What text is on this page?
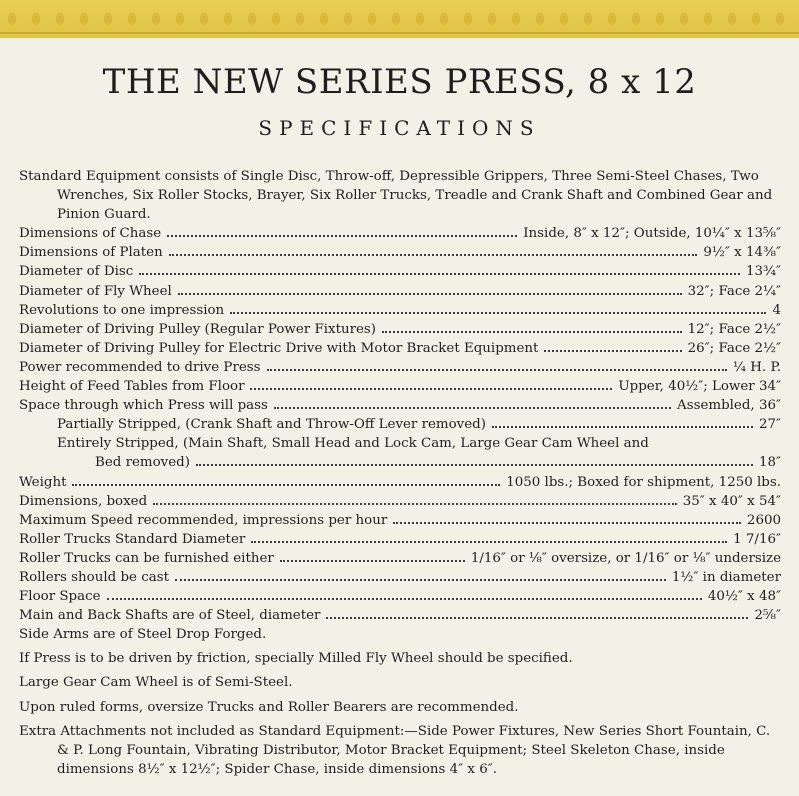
THE NEW SERIES PRESS, 8 x 12
SPECIFICATIONS

Standard Equipment consists of Single Disc, Throw-off, Depressible Grippers, Three Semi-Steel Chases, Two Wrenches, Six Roller Stocks, Brayer, Six Roller Trucks, Treadle and Crank Shaft and Combined Gear and Pinion Guard.

Dimensions of Chase	Inside, 8″ x 12″; Outside, 10¼″ x 13⅝″
Dimensions of Platen	9½″ x 14⅜″
Diameter of Disc	13¾″
Diameter of Fly Wheel	32″; Face 2¼″
Revolutions to one impression	4
Diameter of Driving Pulley (Regular Power Fixtures)	12″; Face 2½″
Diameter of Driving Pulley for Electric Drive with Motor Bracket Equipment	26″; Face 2½″
Power recommended to drive Press	¼ H. P.
Height of Feed Tables from Floor	Upper, 40½″; Lower 34″
Space through which Press will pass	Assembled, 36″
Partially Stripped, (Crank Shaft and Throw-Off Lever removed)	27″
Entirely Stripped, (Main Shaft, Small Head and Lock Cam, Large Gear Cam Wheel and
Bed removed)	18″
Weight	1050 lbs.; Boxed for shipment, 1250 lbs.
Dimensions, boxed	35″ x 40″ x 54″
Maximum Speed recommended, impressions per hour	2600
Roller Trucks Standard Diameter	1 7/16″
Roller Trucks can be furnished either	1/16″ or ⅛″ oversize, or 1/16″ or ⅛″ undersize
Rollers should be cast	1½″ in diameter
Floor Space	40½″ x 48″
Main and Back Shafts are of Steel, diameter	2⅝″
Side Arms are of Steel Drop Forged.
If Press is to be driven by friction, specially Milled Fly Wheel should be specified.
Large Gear Cam Wheel is of Semi-Steel.
Upon ruled forms, oversize Trucks and Roller Bearers are recommended.

Extra Attachments not included as Standard Equipment:—Side Power Fixtures, New Series Short Fountain, C. & P. Long Fountain, Vibrating Distributor, Motor Bracket Equipment; Steel Skeleton Chase, inside dimensions 8½″ x 12½″; Spider Chase, inside dimensions 4″ x 6″.
